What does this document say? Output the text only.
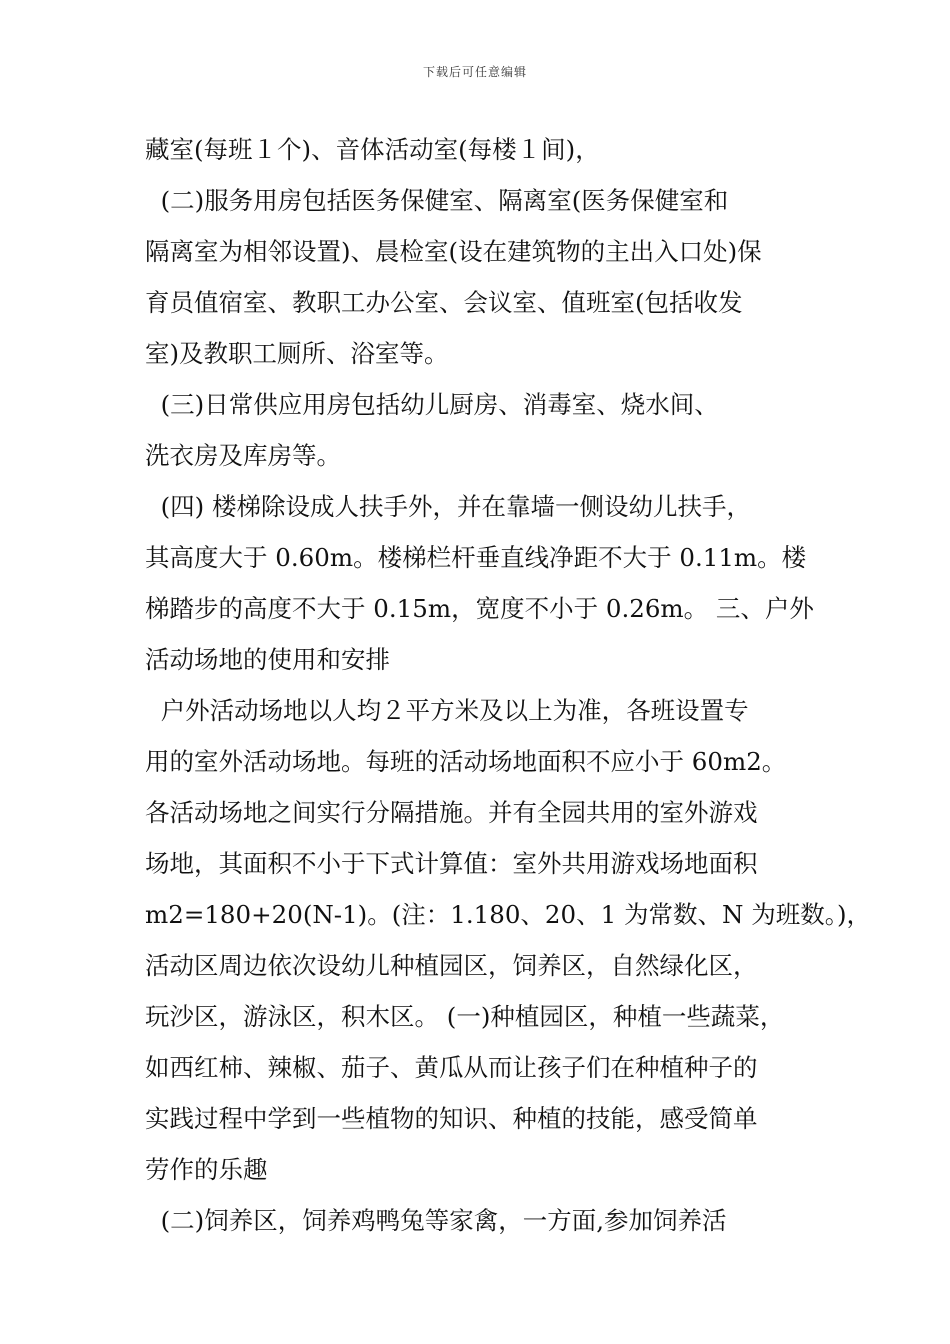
下载后可任意编辑
藏室(每班１个)、音体活动室(每楼１间)，
(二)服务用房包括医务保健室、隔离室(医务保健室和
隔离室为相邻设置)、晨检室(设在建筑物的主出入口处)保
育员值宿室、教职工办公室、会议室、值班室(包括收发
室)及教职工厕所、浴室等。
(三)日常供应用房包括幼儿厨房、消毒室、烧水间、
洗衣房及库房等。
(四) 楼梯除设成人扶手外，并在靠墙一侧设幼儿扶手，
其高度大于 0.60m。楼梯栏杆垂直线净距不大于 0.11m。楼
梯踏步的高度不大于 0.15m，宽度不小于 0.26m。 三、户外
活动场地的使用和安排
户外活动场地以人均２平方米及以上为准，各班设置专
用的室外活动场地。每班的活动场地面积不应小于 60m2。
各活动场地之间实行分隔措施。并有全园共用的室外游戏
场地，其面积不小于下式计算值：室外共用游戏场地面积
m2=180+20(N-1)。(注：1.180、20、1 为常数、N 为班数。)，
活动区周边依次设幼儿种植园区，饲养区，自然绿化区，
玩沙区，游泳区，积木区。 (一)种植园区，种植一些蔬菜，
如西红柿、辣椒、茄子、黄瓜从而让孩子们在种植种子的
实践过程中学到一些植物的知识、种植的技能，感受简单
劳作的乐趣
(二)饲养区，饲养鸡鸭兔等家禽，一方面,参加饲养活
